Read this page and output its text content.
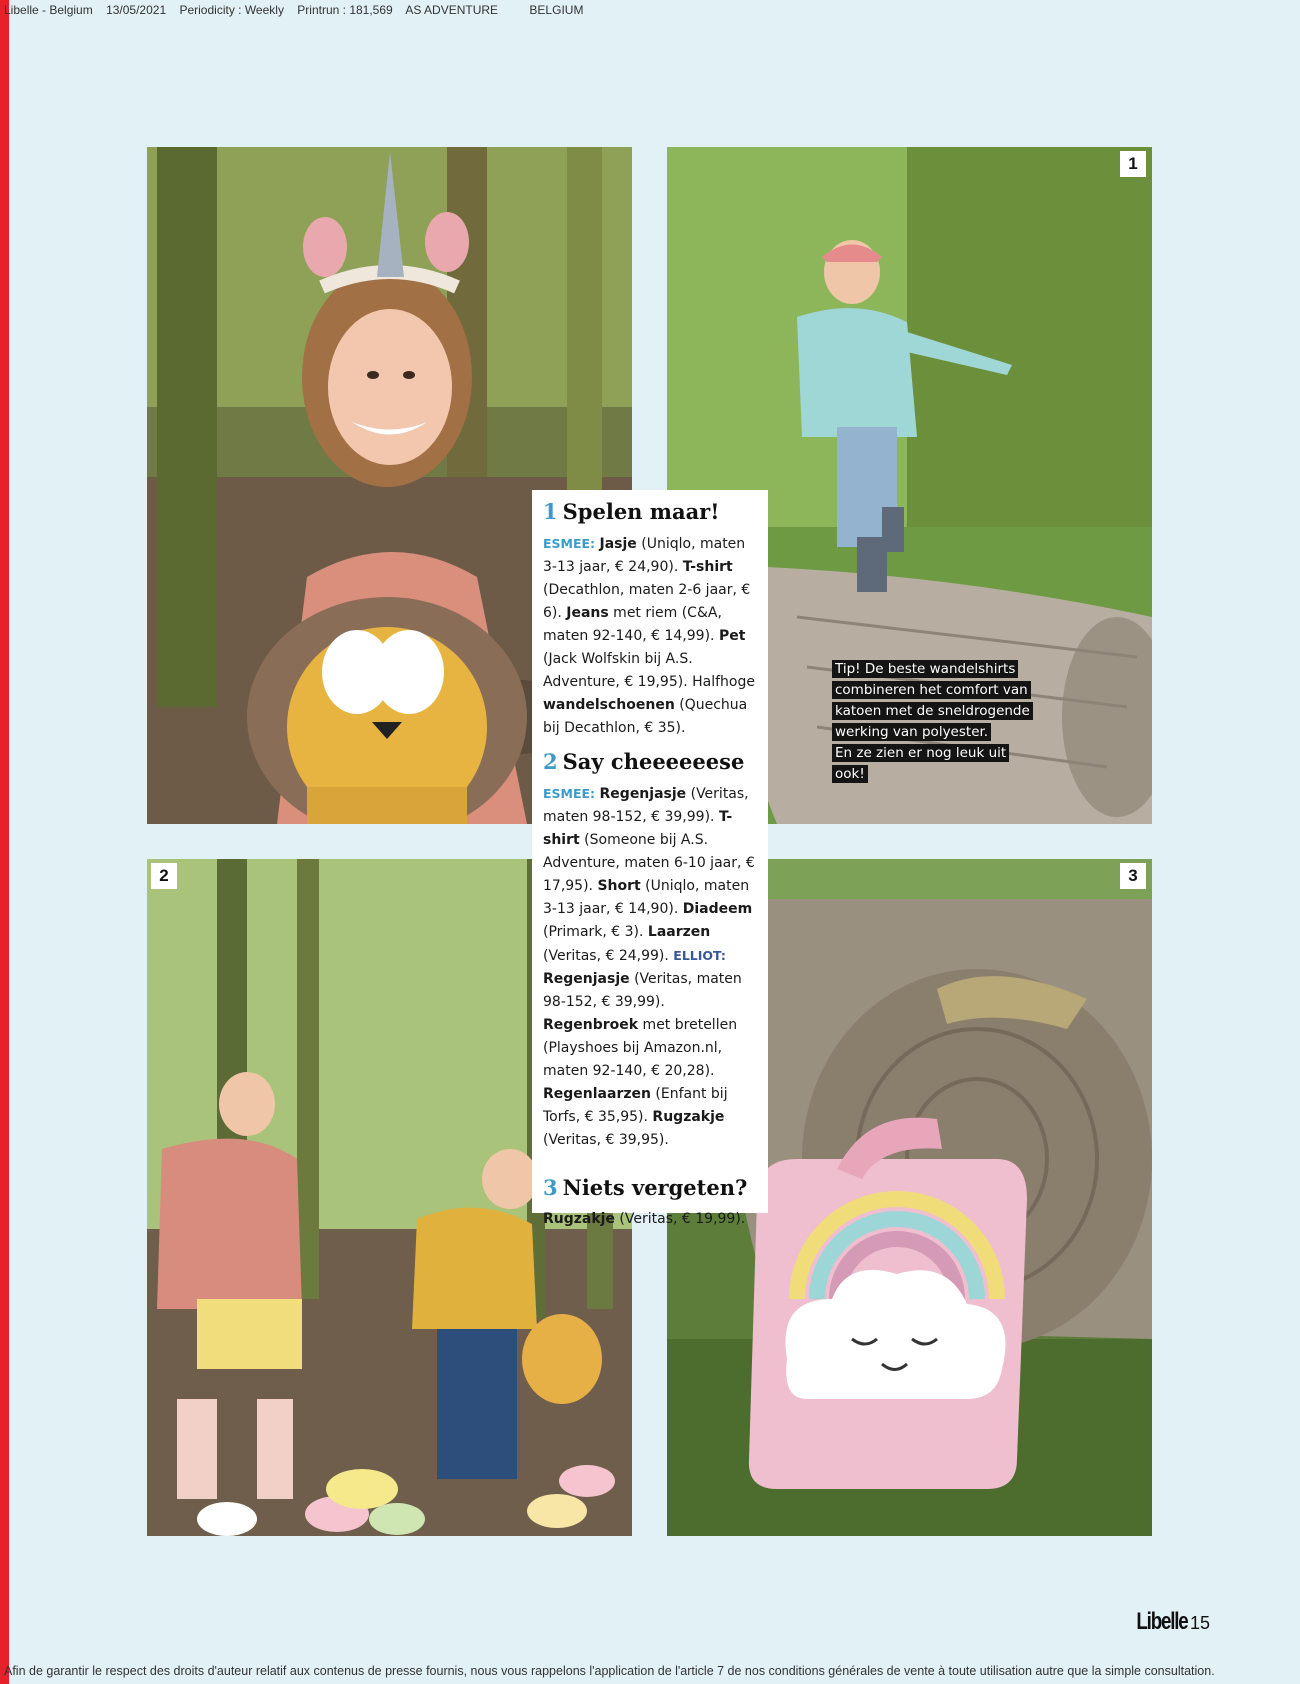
Libelle - Belgium 13/05/2021 Periodicity : Weekly Printrun : 181,569 AS ADVENTURE	BELGIUM
1
2	3
Tip! De beste wandelshirts
combineren het comfort van
katoen met de sneldrogende
werking van polyester.
En ze zien er nog leuk uit ook!
1 Spelen maar!
ESMEE: Jasje (Uniqlo, maten 3-13 jaar, € 24,90). T-shirt (Decathlon, maten 2-6 jaar, € 6). Jeans met riem (C&A, maten 92-140, € 14,99). Pet (Jack Wolfskin bij A.S. Adventure, € 19,95). Halfhoge wandelschoenen (Quechua bij Decathlon, € 35).
2 Say cheeeeeese
ESMEE: Regenjasje (Veritas, maten 98-152, € 39,99). T-shirt (Someone bij A.S. Adventure, maten 6-10 jaar, € 17,95). Short (Uniqlo, maten 3-13 jaar, € 14,90). Diadeem (Primark, € 3). Laarzen (Veritas, € 24,99). ELLIOT: Regenjasje (Veritas, maten 98-152, € 39,99). Regenbroek met bretellen (Playshoes bij Amazon.nl, maten 92-140, € 20,28). Regenlaarzen (Enfant bij Torfs, € 35,95). Rugzakje (Veritas, € 39,95).
3 Niets vergeten?
Rugzakje (Veritas, € 19,99).
Libelle 15
Afin de garantir le respect des droits d'auteur relatif aux contenus de presse fournis, nous vous rappelons l'application de l'article 7 de nos conditions générales de vente à toute utilisation autre que la simple consultation.
